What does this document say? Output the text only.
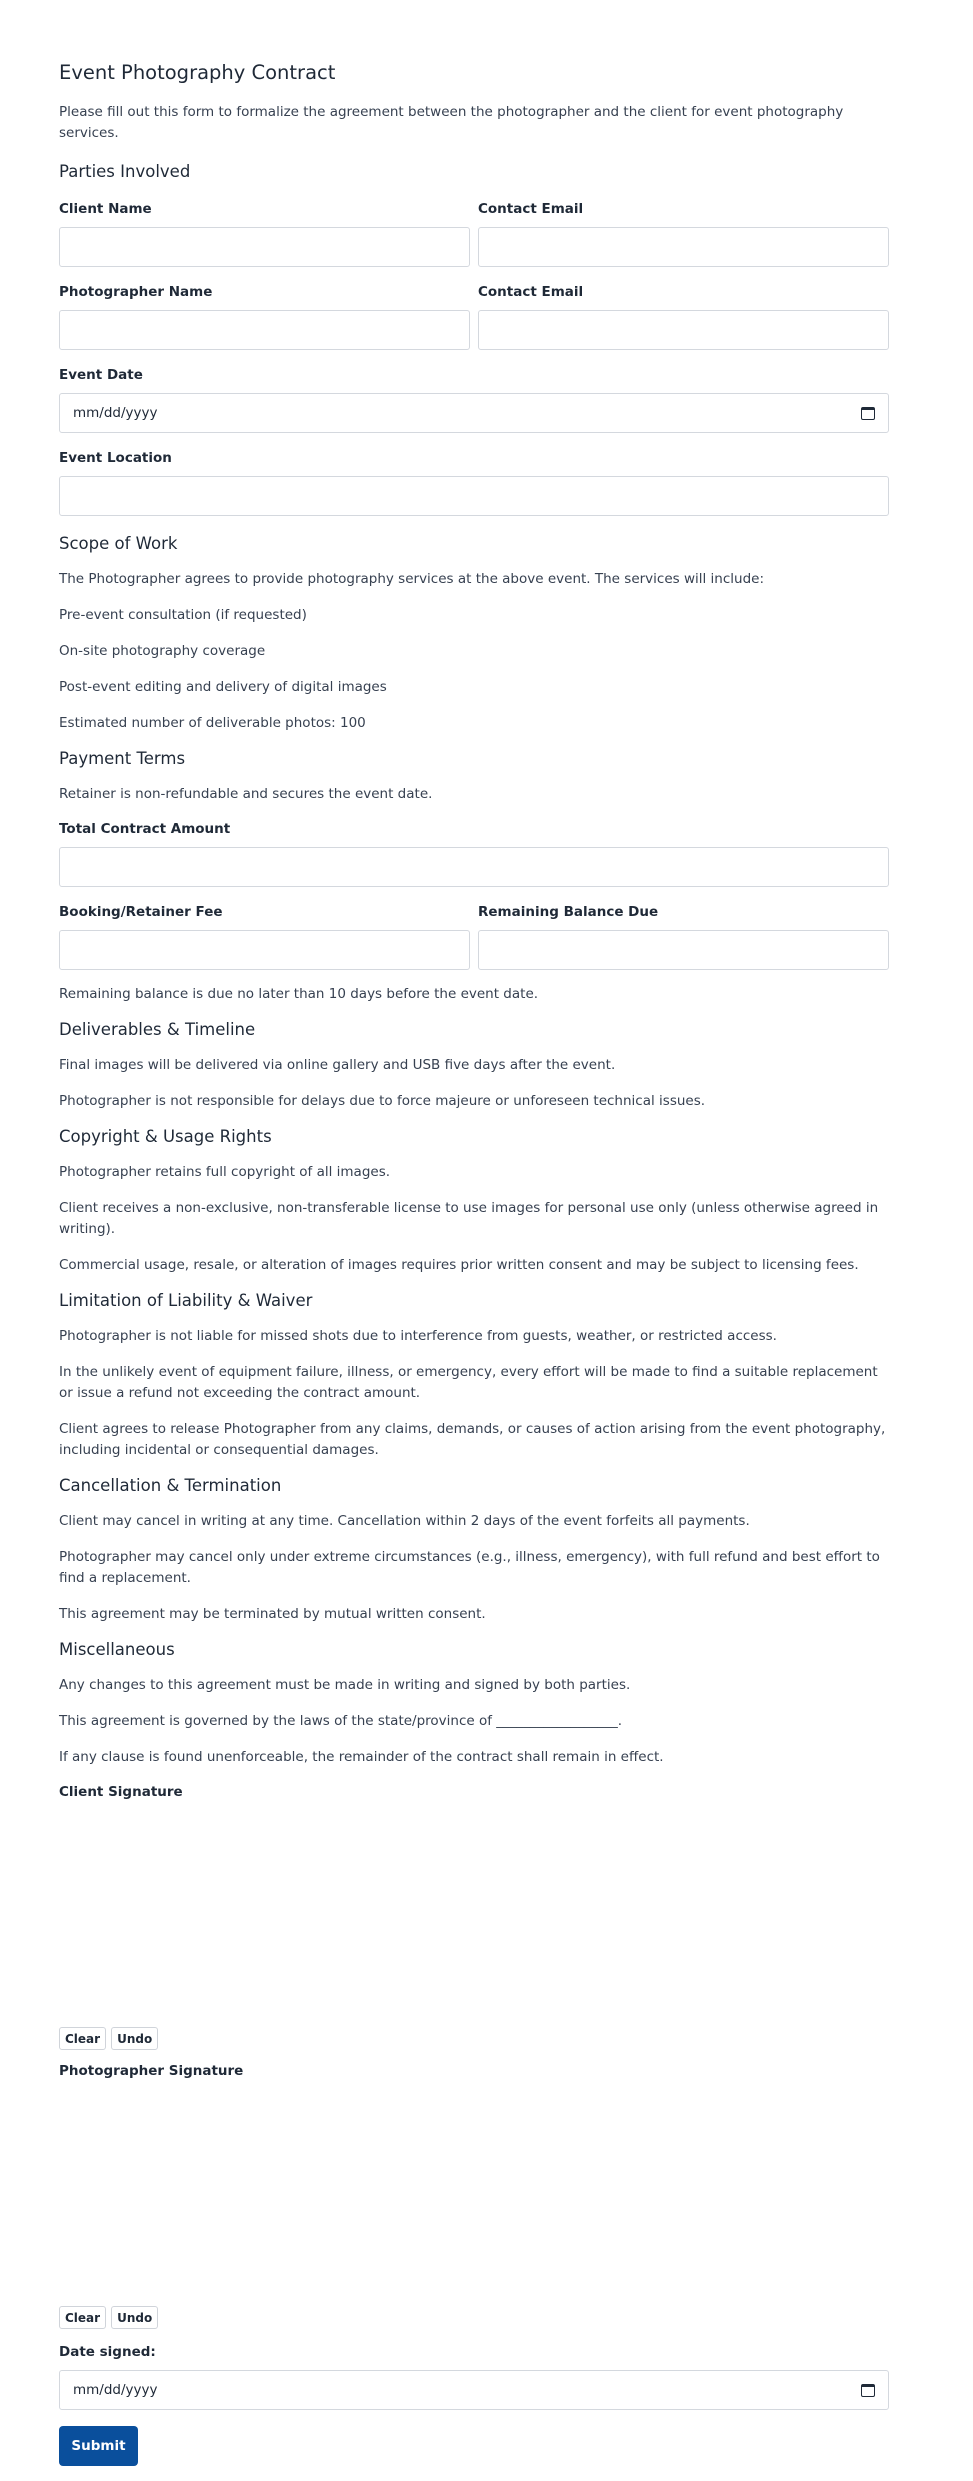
Event Photography Contract

Please fill out this form to formalize the agreement between the photographer and the client for event photography services.

Parties Involved
Client Name	Contact Email
Photographer Name	Contact Email
Event Date
mm/dd/yyyy
Event Location
Scope of Work

The Photographer agrees to provide photography services at the above event. The services will include:

Pre-event consultation (if requested)

On-site photography coverage

Post-event editing and delivery of digital images

Estimated number of deliverable photos: 100

Payment Terms

Retainer is non-refundable and secures the event date.

Total Contract Amount
Booking/Retainer Fee	Remaining Balance Due

Remaining balance is due no later than 10 days before the event date.

Deliverables & Timeline

Final images will be delivered via online gallery and USB five days after the event.

Photographer is not responsible for delays due to force majeure or unforeseen technical issues.

Copyright & Usage Rights

Photographer retains full copyright of all images.

Client receives a non-exclusive, non-transferable license to use images for personal use only (unless otherwise agreed in writing).

Commercial usage, resale, or alteration of images requires prior written consent and may be subject to licensing fees.

Limitation of Liability & Waiver

Photographer is not liable for missed shots due to interference from guests, weather, or restricted access.

In the unlikely event of equipment failure, illness, or emergency, every effort will be made to find a suitable replacement or issue a refund not exceeding the contract amount.

Client agrees to release Photographer from any claims, demands, or causes of action arising from the event photography, including incidental or consequential damages.

Cancellation & Termination

Client may cancel in writing at any time. Cancellation within 2 days of the event forfeits all payments.

Photographer may cancel only under extreme circumstances (e.g., illness, emergency), with full refund and best effort to find a replacement.

This agreement may be terminated by mutual written consent.

Miscellaneous

Any changes to this agreement must be made in writing and signed by both parties.

This agreement is governed by the laws of the state/province of __________________.

If any clause is found unenforceable, the remainder of the contract shall remain in effect.

Client Signature
Clear	Undo
Photographer Signature
Clear	Undo
Date signed:
mm/dd/yyyy
Submit
